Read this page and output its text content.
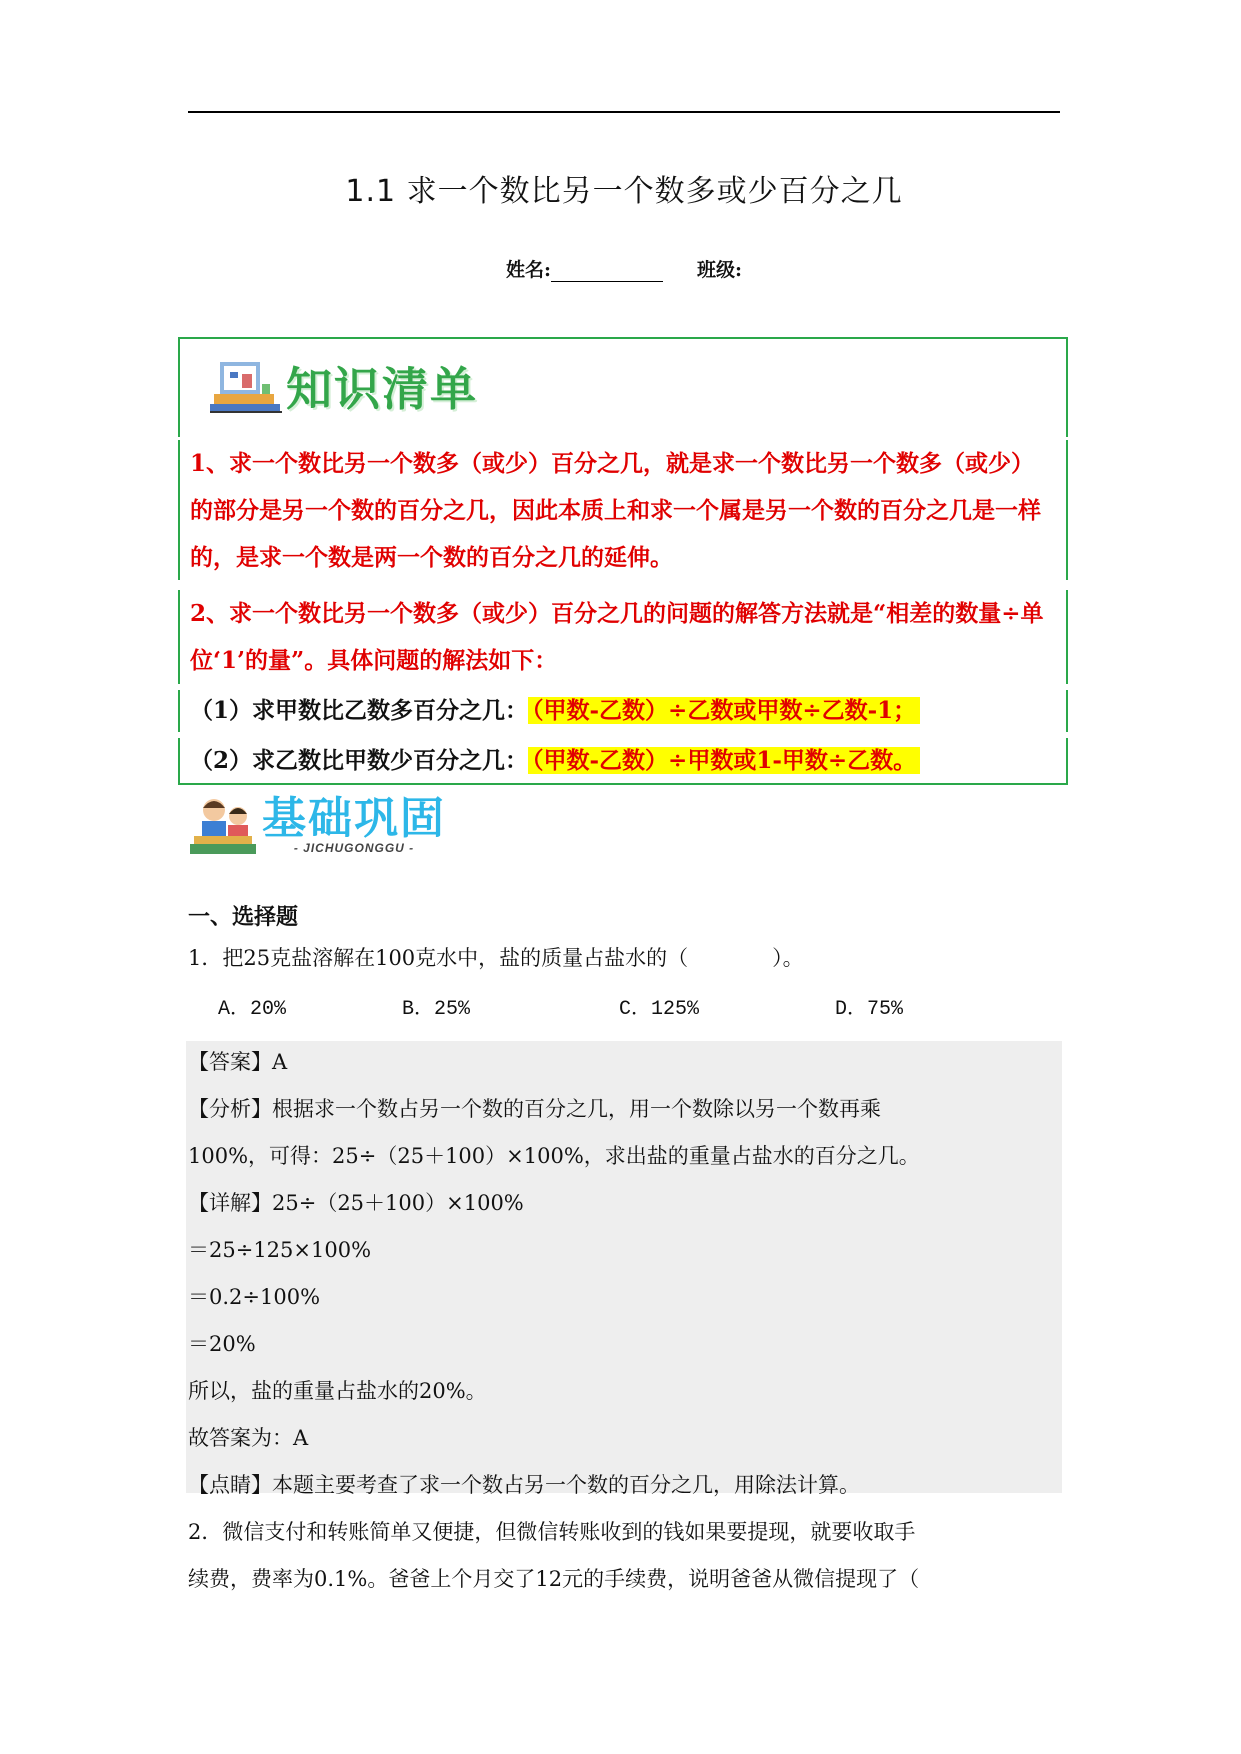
1.1 求一个数比另一个数多或少百分之几
姓名:	班级:
知识清单
1、求一个数比另一个数多（或少）百分之几，就是求一个数比另一个数多（或少）的部分是另一个数的百分之几，因此本质上和求一个属是另一个数的百分之几是一样的，是求一个数是两一个数的百分之几的延伸。
2、求一个数比另一个数多（或少）百分之几的问题的解答方法就是“相差的数量÷单位‘1’的量”。具体问题的解法如下：
（1）求甲数比乙数多百分之几： （甲数-乙数）÷乙数或甲数÷乙数-1；
（2）求乙数比甲数少百分之几： （甲数-乙数）÷甲数或1-甲数÷乙数。
基础巩固
- JICHUGONGGU -
一、选择题
1．把25克盐溶解在100克水中，盐的质量占盐水的（　　　　）。
A．20%	B．25%	C．125%	D．75%
【答案】A
【分析】根据求一个数占另一个数的百分之几，用一个数除以另一个数再乘
100%，可得：25÷（25＋100）×100%，求出盐的重量占盐水的百分之几。
【详解】25÷（25＋100）×100%
＝25÷125×100%
＝0.2÷100%
＝20%
所以，盐的重量占盐水的20%。
故答案为：A
【点睛】本题主要考查了求一个数占另一个数的百分之几，用除法计算。
2．微信支付和转账简单又便捷，但微信转账收到的钱如果要提现，就要收取手
续费，费率为0.1%。爸爸上个月交了12元的手续费，说明爸爸从微信提现了（
